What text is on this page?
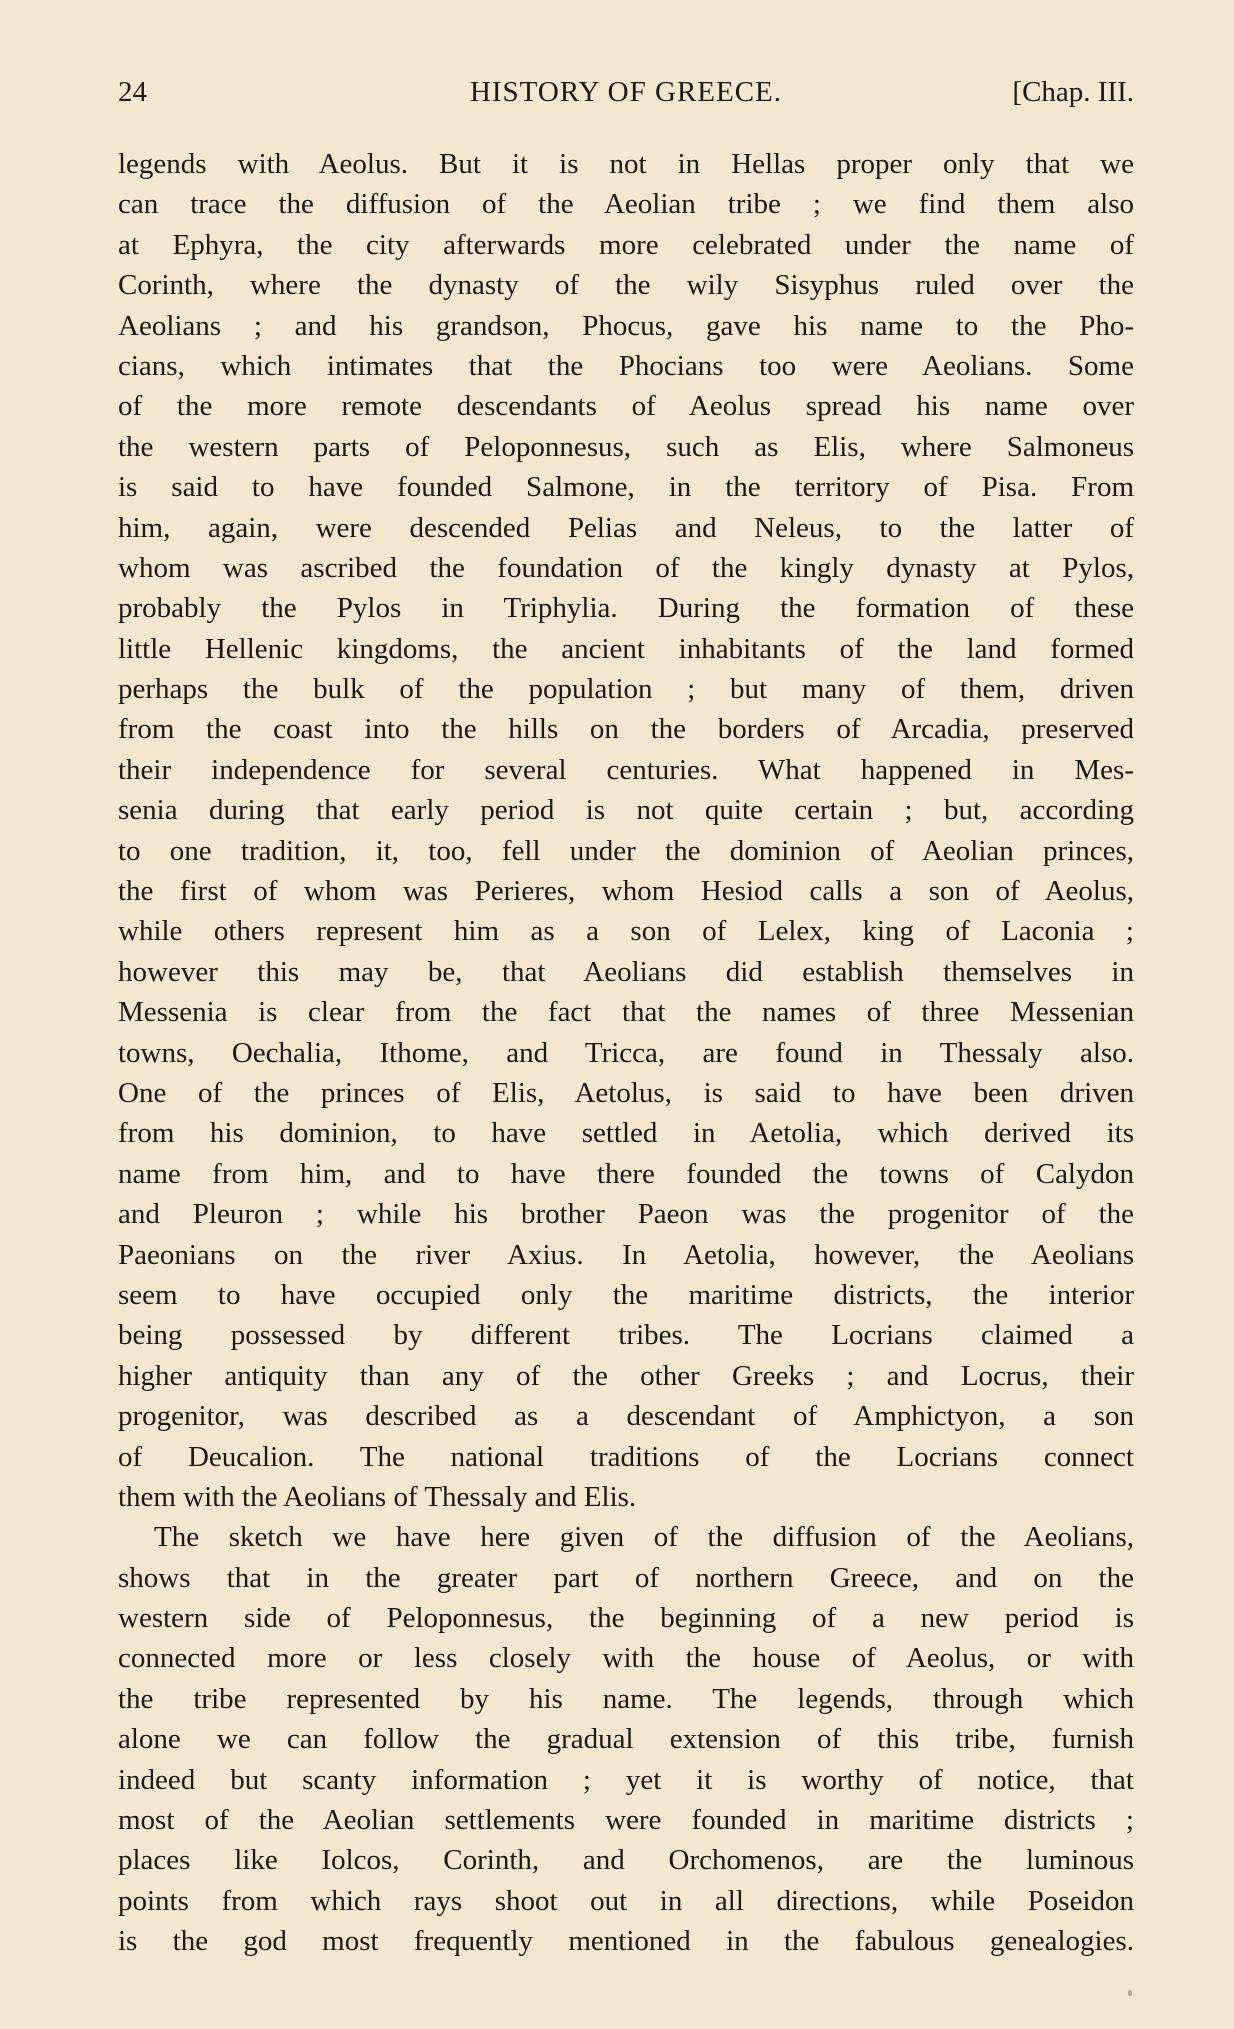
24	HISTORY OF GREECE.	[Chap. III.
legends with Aeolus. But it is not in Hellas proper only that we
can trace the diffusion of the Aeolian tribe ; we find them also
at Ephyra, the city afterwards more celebrated under the name of
Corinth, where the dynasty of the wily Sisyphus ruled over the
Aeolians ; and his grandson, Phocus, gave his name to the Pho-
cians, which intimates that the Phocians too were Aeolians. Some
of the more remote descendants of Aeolus spread his name over
the western parts of Peloponnesus, such as Elis, where Salmoneus
is said to have founded Salmone, in the territory of Pisa. From
him, again, were descended Pelias and Neleus, to the latter of
whom was ascribed the foundation of the kingly dynasty at Pylos,
probably the Pylos in Triphylia. During the formation of these
little Hellenic kingdoms, the ancient inhabitants of the land formed
perhaps the bulk of the population ; but many of them, driven
from the coast into the hills on the borders of Arcadia, preserved
their independence for several centuries. What happened in Mes-
senia during that early period is not quite certain ; but, according
to one tradition, it, too, fell under the dominion of Aeolian princes,
the first of whom was Perieres, whom Hesiod calls a son of Aeolus,
while others represent him as a son of Lelex, king of Laconia ;
however this may be, that Aeolians did establish themselves in
Messenia is clear from the fact that the names of three Messenian
towns, Oechalia, Ithome, and Tricca, are found in Thessaly also.
One of the princes of Elis, Aetolus, is said to have been driven
from his dominion, to have settled in Aetolia, which derived its
name from him, and to have there founded the towns of Calydon
and Pleuron ; while his brother Paeon was the progenitor of the
Paeonians on the river Axius. In Aetolia, however, the Aeolians
seem to have occupied only the maritime districts, the interior
being possessed by different tribes. The Locrians claimed a
higher antiquity than any of the other Greeks ; and Locrus, their
progenitor, was described as a descendant of Amphictyon, a son
of Deucalion. The national traditions of the Locrians connect
them with the Aeolians of Thessaly and Elis.
The sketch we have here given of the diffusion of the Aeolians,
shows that in the greater part of northern Greece, and on the
western side of Peloponnesus, the beginning of a new period is
connected more or less closely with the house of Aeolus, or with
the tribe represented by his name. The legends, through which
alone we can follow the gradual extension of this tribe, furnish
indeed but scanty information ; yet it is worthy of notice, that
most of the Aeolian settlements were founded in maritime districts ;
places like Iolcos, Corinth, and Orchomenos, are the luminous
points from which rays shoot out in all directions, while Poseidon
is the god most frequently mentioned in the fabulous genealogies.
